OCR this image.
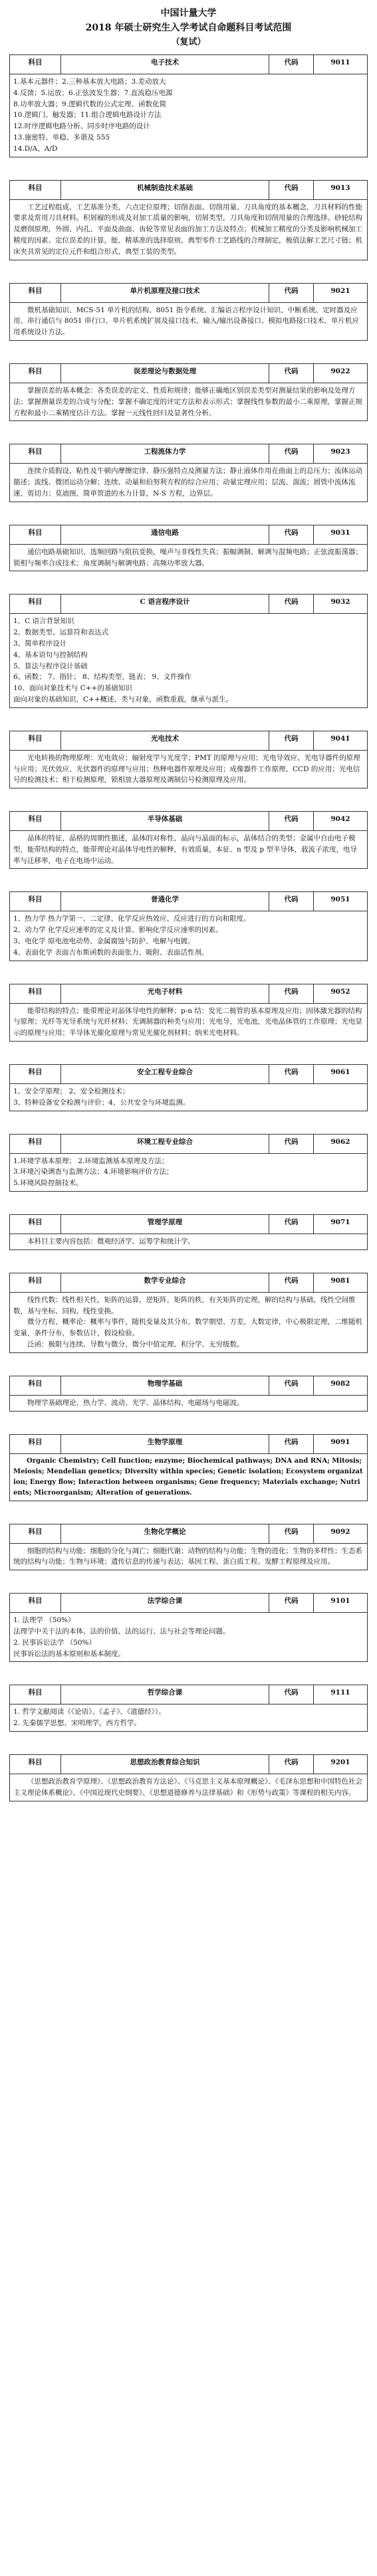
中国计量大学
2018 年硕士研究生入学考试自命题科目考试范围
（复试）
科目	电子技术	代码	9011

1.基本元器件；2.三种基本放大电路；3.差动放大
4.反馈；5.运放；6.正弦波发生器；7.直流稳压电源
8.功率放大器；9.逻辑代数的公式定理、函数化简
10.逻辑门、触发器；11.组合逻辑电路设计方法
12.时序逻辑电路分析、同步时序电路的设计
13.施密特、单稳、多谐及 555
14.D/A、A/D
科目	机械制造技术基础	代码	9013

工艺过程组成、工艺基准分类，六点定位原理；切削表面、切削用量、刀具角度的基本概念，刀具材料的性能要求及常用刀具材料。积屑瘤的形成及对加工质量的影响，切屑类型，刀具角度和切削用量的合理选择。砂轮结构及磨削原理，外圆、内孔、平面及曲面、齿轮等常见表面的加工方法及特点；机械加工精度的分类及影响机械加工精度的因素、定位误差的计算，能、精基准的选择原则，典型零件工艺路线的合理制定，极值法解工艺尺寸链；机床夹具常见的定位元件和组合形式，典型工装的类型。

科目	单片机原理及接口技术	代码	9021

微机基础知识、MCS-51 单片机的结构、8051 指令系统、汇编语言程序设计知识、中断系统、定时器及应用、串行通信与 8051 串行口、单片机系统扩展及接口技术、输入/输出设备接口、模拟电路接口技术、单片机应用系统设计方法。

科目	误差理论与数据处理	代码	9022

掌握误差的基本概念：各类误差的定义、性质和规律；能够正确地区别误差类型对测量结果的影响及处理方法；掌握测量误差的合成与分配；掌握不确定度的评定方法和表示形式；掌握线性参数的最小二乘原理，掌握正规方程和最小二乘精度估计方法。掌握一元线性回归及显著性分析。

科目	工程流体力学	代码	9023

连续介质假设、粘性及牛顿内摩擦定律、静压强特点及测量方法；静止液体作用在曲面上的总压力；流体运动描述；流线、微团运动分解；连续、动量和伯努利方程的综合应用；动量定理应用；层流、湍流；圆管中流体流速、剪切力；莫迪图，简单管道的水力计算，N-S 方程，边界层。

科目	通信电路	代码	9031

通信电路基础知识、选频回路与阻抗变换，噪声与非线性失真；振幅调制、解调与混频电路；正弦波振荡器；锁相与频率合成技术；角度调制与解调电路；高频功率放大器。

科目	C 语言程序设计	代码	9032

1、C 语言背景知识
2、数据类型、运算符和表达式
3、简单程序设计
4、基本语句与控制结构
5、算法与程序设计基础
6、函数； 7、指针； 8、结构类型、链表； 9、文件操作
10、面向对象技术与 C++的基础知识
面向对象的基础知识，C++概述，类与对象，函数重载，继承与派生。
科目	光电技术	代码	9041

光电转换的物理原理：光电效应；辐射度学与光度学；PMT 的原理与应用；光电导效应、光电导器件的原理与应用；光伏效应、光伏器件的原理与应用；热释电器件原理及应用；成像器件工作原理、CCD 的应用；光电信号的检测技术；相干检测原理，锁相放大器原理及调制信号检测原理及应用。

科目	半导体基础	代码	9042

晶体的特征，晶格的周期性描述，晶体的对称性，晶向与晶面的标示，晶体结合的类型；金属中自由电子模型，能带结构的特点，能带理论对晶体导电性的解释，有效质量，本征、n 型及 p 型半导体，载流子浓度，电导率与迁移率，电子在电场中运动。

科目	普通化学	代码	9051

1、热力学 热力学第一、二定律、化学反应热效应、反应进行的方向和限度。
2、动力学 化学反应速率的定义及计算、影响化学反应速率的因素。
3、电化学 原电池电动势、金属腐蚀与防护、电解与电镀。
4、表面化学 表面吉布斯函数的表面张力、吸附、表面活性剂。
科目	光电子材料	代码	9052

能带结构的特点；能带理论对晶体导电性的解释；p-n 结：发光二极管的基本原理及应用；固体激光器的结构与原理；光纤等光导系统与光纤材料；光调制器的种类与应用；光电导，光电池，光电晶体管的工作原理；光电显示的原理与应用；半导体光催化原理与常见光催化剂材料；纳米光电材料。

科目	安全工程专业综合	代码	9061

1、安全学原理； 2、安全检测技术；
3、特种设备安全检测与评价；4、公共安全与环境监测。
科目	环境工程专业综合	代码	9062

1.环境学基本原理； 2.环境监测基本原理及方法；
3.环境污染调查与监测方法；4.环境影响评价方法；
5.环境风险控制技术。
科目	管理学原理	代码	9071

本科目主要内容包括：微观经济学、运筹学和统计学。

科目	数学专业综合	代码	9081

线性代数：线性相关性，矩阵的运算，逆矩阵，矩阵的秩，有关矩阵的定理，解的结构与基础，线性空间维数，基与坐标、同构，线性变换。

微分方程、概率论：概率与事件，随机变量及其分布，数学期望、方差，大数定律，中心极限定理，二维随机变量，条件分布，参数估计，假设检验。

泛函：极限与连续、导数与微分、微分中值定理、积分学、无穷级数。

科目	物理学基础	代码	9082

物理学基础理论、热力学、波动、光学、晶体结构、电磁场与电磁波。

科目	生物学原理	代码	9091

Organic Chemistry; Cell function; enzyme; Biochemical pathways; DNA and RNA; Mitosis; Meiosis; Mendelian genetics; Diversity within species; Genetic isolation; Ecosystem organization; Energy flow; Interaction between organisms; Gene frequency; Materials exchange; Nutrients; Microorganism; Alteration of generations.

科目	生物化学概论	代码	9092

细胞的结构与功能；细胞的分化与凋亡；细胞代谢；动物的结构与功能；生物的进化；生物的多样性；生态系统的结构与功能；生物与环境；遗传信息的传递与表达；基因工程、蛋白质工程、发酵工程原理及应用。

科目	法学综合课	代码	9101

1. 法理学 （50%）
法理学中关于法的本体、法的价值、法的运行、法与社会等理论问题。
2. 民事诉讼法学 （50%）
民事诉讼法的基本原则和基本制度。
科目	哲学综合课	代码	9111

1. 哲学文献阅读（《论语》、《孟子》、《道德经》）。
2. 先秦儒学思想、宋明理学，西方哲学。
科目	思想政治教育综合知识	代码	9201

《思想政治教育学原理》、《思想政治教育方法论》、《马克思主义基本原理概论》、《毛泽东思想和中国特色社会主义理论体系概论》、《中国近现代史纲要》、《思想道德修养与法律基础》和《形势与政策》等课程的相关内容。
